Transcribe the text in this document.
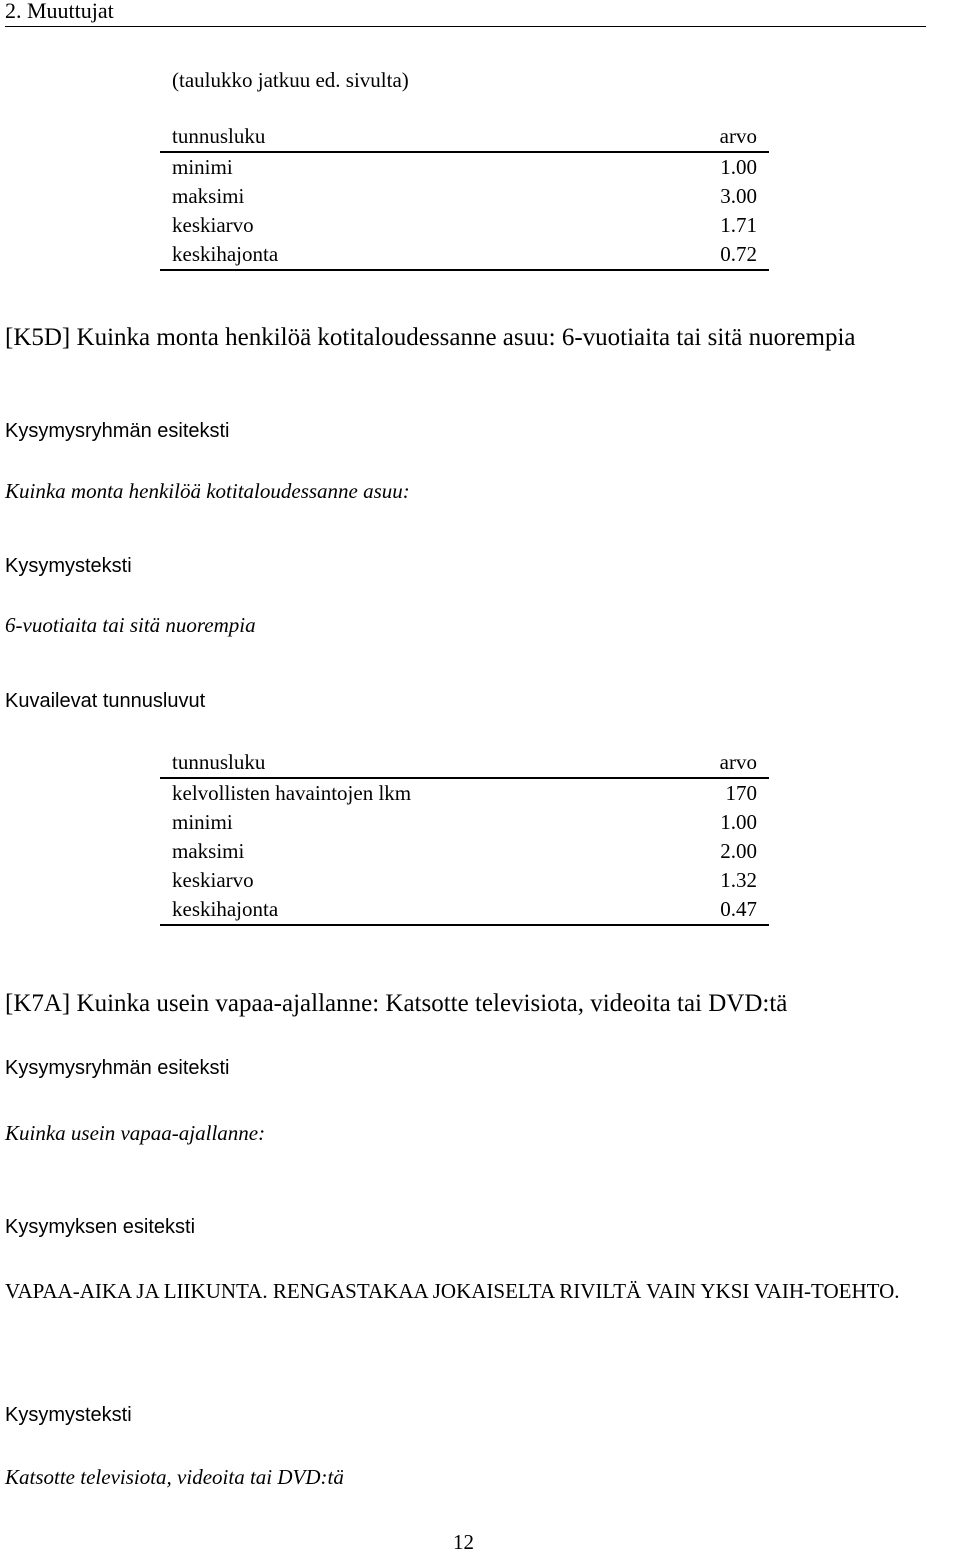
2. Muuttujat
(taulukko jatkuu ed. sivulta)
tunnusluku	arvo
minimi	1.00
maksimi	3.00
keskiarvo	1.71
keskihajonta	0.72
[K5D] Kuinka monta henkilöä kotitaloudessanne asuu: 6-vuotiaita tai sitä nuorempia
Kysymysryhmän esiteksti
Kuinka monta henkilöä kotitaloudessanne asuu:
Kysymysteksti
6-vuotiaita tai sitä nuorempia
Kuvailevat tunnusluvut
tunnusluku	arvo
kelvollisten havaintojen lkm	170
minimi	1.00
maksimi	2.00
keskiarvo	1.32
keskihajonta	0.47
[K7A] Kuinka usein vapaa-ajallanne: Katsotte televisiota, videoita tai DVD:tä
Kysymysryhmän esiteksti
Kuinka usein vapaa-ajallanne:
Kysymyksen esiteksti
VAPAA-AIKA JA LIIKUNTA. RENGASTAKAA JOKAISELTA RIVILTÄ VAIN YKSI VAIH-TOEHTO.
Kysymysteksti
Katsotte televisiota, videoita tai DVD:tä
12
